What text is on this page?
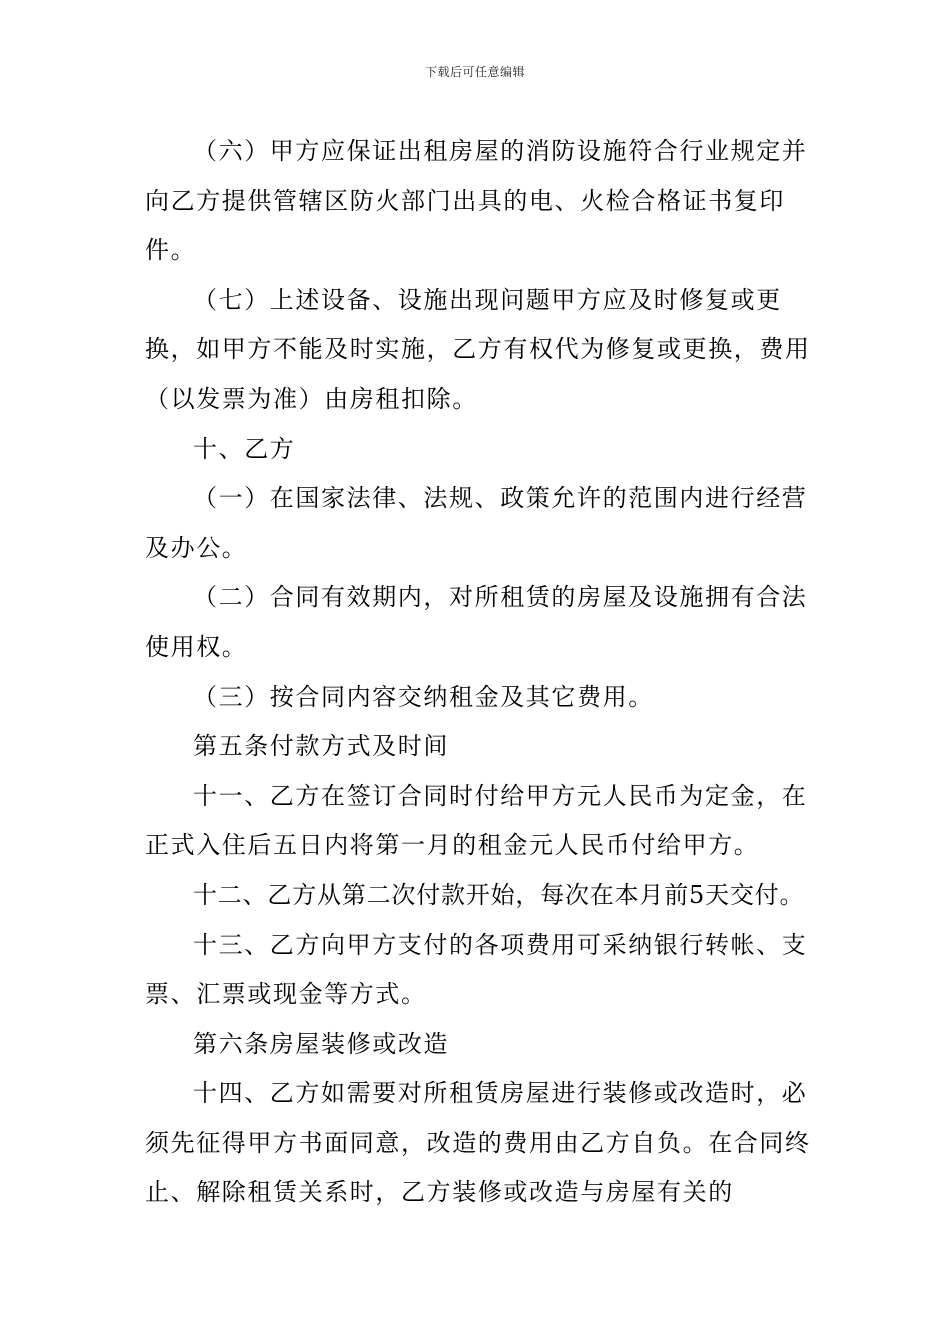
下载后可任意编辑

（六）甲方应保证出租房屋的消防设施符合行业规定并向乙方提供管辖区防火部门出具的电、火检合格证书复印件。

（七）上述设备、设施出现问题甲方应及时修复或更换，如甲方不能及时实施，乙方有权代为修复或更换，费用（以发票为准）由房租扣除。

十、乙方

（一）在国家法律、法规、政策允许的范围内进行经营及办公。

（二）合同有效期内，对所租赁的房屋及设施拥有合法使用权。

（三）按合同内容交纳租金及其它费用。

第五条付款方式及时间

十一、乙方在签订合同时付给甲方元人民币为定金，在正式入住后五日内将第一月的租金元人民币付给甲方。

十二、乙方从第二次付款开始，每次在本月前5天交付。

十三、乙方向甲方支付的各项费用可采纳银行转帐、支票、汇票或现金等方式。

第六条房屋装修或改造

十四、乙方如需要对所租赁房屋进行装修或改造时，必须先征得甲方书面同意，改造的费用由乙方自负。在合同终止、解除租赁关系时，乙方装修或改造与房屋有关的
